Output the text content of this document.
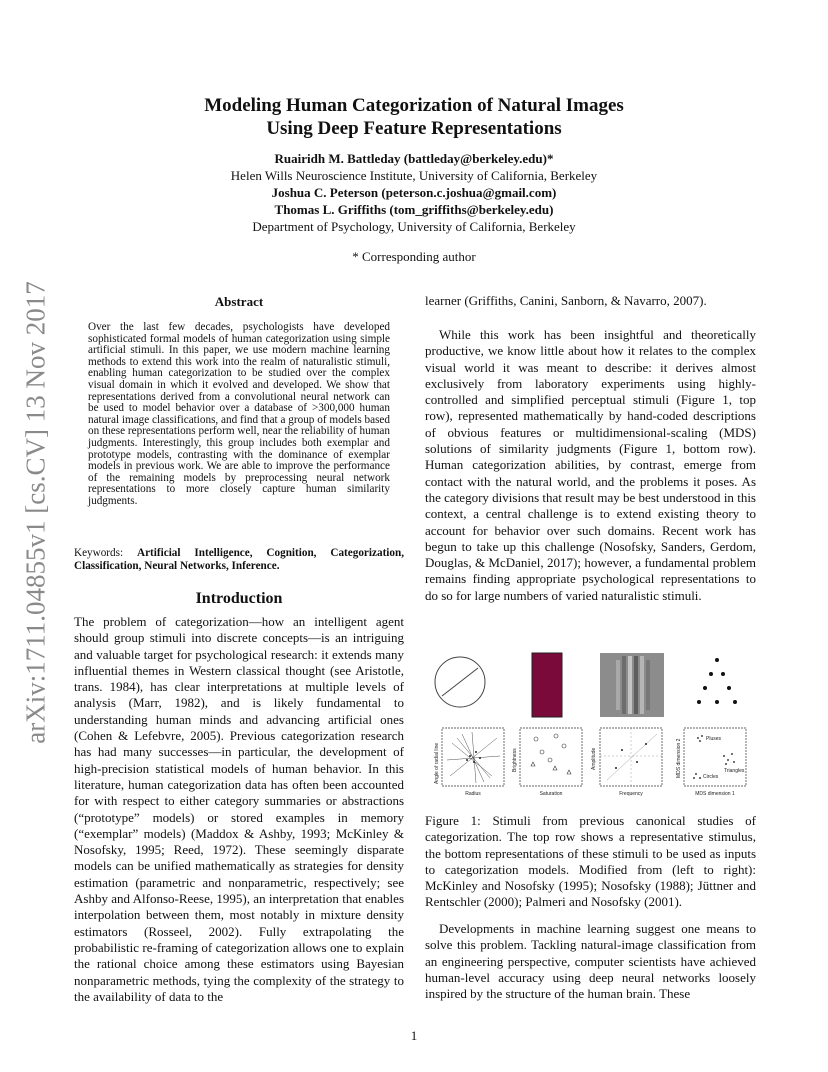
Modeling Human Categorization of Natural Images
Using Deep Feature Representations
Ruairidh M. Battleday (battleday@berkeley.edu)*
Helen Wills Neuroscience Institute, University of California, Berkeley
Joshua C. Peterson (peterson.c.joshua@gmail.com)
Thomas L. Griffiths (tom_griffiths@berkeley.edu)
Department of Psychology, University of California, Berkeley
* Corresponding author
arXiv:1711.04855v1 [cs.CV] 13 Nov 2017	Abstract
Over the last few decades, psychologists have developed sophisticated formal models of human categorization using simple artificial stimuli. In this paper, we use modern machine learning methods to extend this work into the realm of naturalistic stimuli, enabling human categorization to be studied over the complex visual domain in which it evolved and developed. We show that representations derived from a convolutional neural network can be used to model behavior over a database of >300,000 human natural image classifications, and find that a group of models based on these representations perform well, near the reliability of human judgments. Interestingly, this group includes both exemplar and prototype models, contrasting with the dominance of exemplar models in previous work. We are able to improve the performance of the remaining models by preprocessing neural network representations to more closely capture human similarity judgments.
Keywords: Artificial Intelligence, Cognition, Categorization, Classification, Neural Networks, Inference.
Introduction
The problem of categorization—how an intelligent agent should group stimuli into discrete concepts—is an intriguing and valuable target for psychological research: it extends many influential themes in Western classical thought (see Aristotle, trans. 1984), has clear interpretations at multiple levels of analysis (Marr, 1982), and is likely fundamental to understanding human minds and advancing artificial ones (Cohen & Lefebvre, 2005). Previous categorization research has had many successes—in particular, the development of high-precision statistical models of human behavior. In this literature, human categorization data has often been accounted for with respect to either category summaries or abstractions (“prototype” models) or stored examples in memory (“exemplar” models) (Maddox & Ashby, 1993; McKinley & Nosofsky, 1995; Reed, 1972). These seemingly disparate models can be unified mathematically as strategies for density estimation (parametric and nonparametric, respectively; see Ashby and Alfonso-Reese, 1995), an interpretation that enables interpolation between them, most notably in mixture density estimators (Rosseel, 2002). Fully extrapolating the probabilistic re-framing of categorization allows one to explain the rational choice among these estimators using Bayesian nonparametric methods, tying the complexity of the strategy to the availability of data to the
learner (Griffiths, Canini, Sanborn, & Navarro, 2007).
While this work has been insightful and theoretically productive, we know little about how it relates to the complex visual world it was meant to describe: it derives almost exclusively from laboratory experiments using highly-controlled and simplified perceptual stimuli (Figure 1, top row), represented mathematically by hand-coded descriptions of obvious features or multidimensional-scaling (MDS) solutions of similarity judgments (Figure 1, bottom row). Human categorization abilities, by contrast, emerge from contact with the natural world, and the problems it poses. As the category divisions that result may be best understood in this context, a central challenge is to extend existing theory to account for behavior over such domains. Recent work has begun to take up this challenge (Nosofsky, Sanders, Gerdom, Douglas, & McDaniel, 2017); however, a fundamental problem remains finding appropriate psychological representations to do so for large numbers of varied naturalistic stimuli.
Radius
Angle of radial line
Saturation
Brightness
Frequency
Amplitude
Pluses
Triangles
Circles
MDS dimension 1
MDS dimension 2
Figure 1: Stimuli from previous canonical studies of categorization. The top row shows a representative stimulus, the bottom representations of these stimuli to be used as inputs to categorization models. Modified from (left to right): McKinley and Nosofsky (1995); Nosofsky (1988); Jüttner and Rentschler (2000); Palmeri and Nosofsky (2001).
Developments in machine learning suggest one means to solve this problem. Tackling natural-image classification from an engineering perspective, computer scientists have achieved human-level accuracy using deep neural networks loosely inspired by the structure of the human brain. These
1
